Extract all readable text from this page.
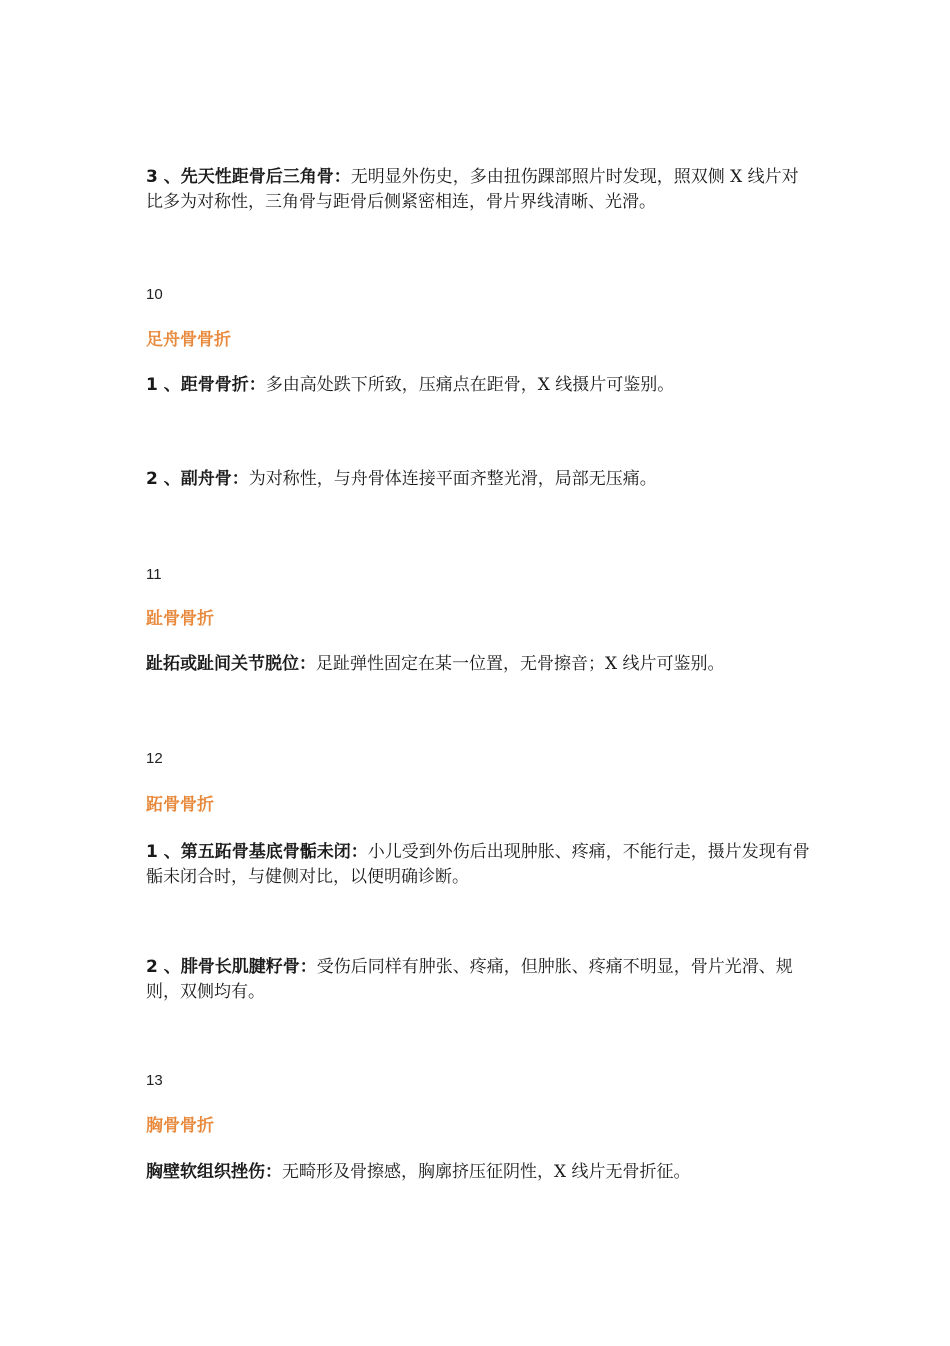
3 、先天性距骨后三角骨：无明显外伤史，多由扭伤踝部照片时发现，照双侧 X 线片对比多为对称性，三角骨与距骨后侧紧密相连，骨片界线清晰、光滑。

10
足舟骨骨折

1 、距骨骨折：多由高处跌下所致，压痛点在距骨，X 线摄片可鉴别。

2 、副舟骨：为对称性，与舟骨体连接平面齐整光滑，局部无压痛。

11
趾骨骨折

趾拓或趾间关节脱位：足趾弹性固定在某一位置，无骨擦音；X 线片可鉴别。

12
跖骨骨折

1 、第五跖骨基底骨骺未闭：小儿受到外伤后出现肿胀、疼痛，不能行走，摄片发现有骨骺未闭合时，与健侧对比，以便明确诊断。

2 、腓骨长肌腱籽骨：受伤后同样有肿张、疼痛，但肿胀、疼痛不明显，骨片光滑、规则，双侧均有。

13
胸骨骨折

胸壁软组织挫伤：无畸形及骨擦感，胸廓挤压征阴性，X 线片无骨折征。
